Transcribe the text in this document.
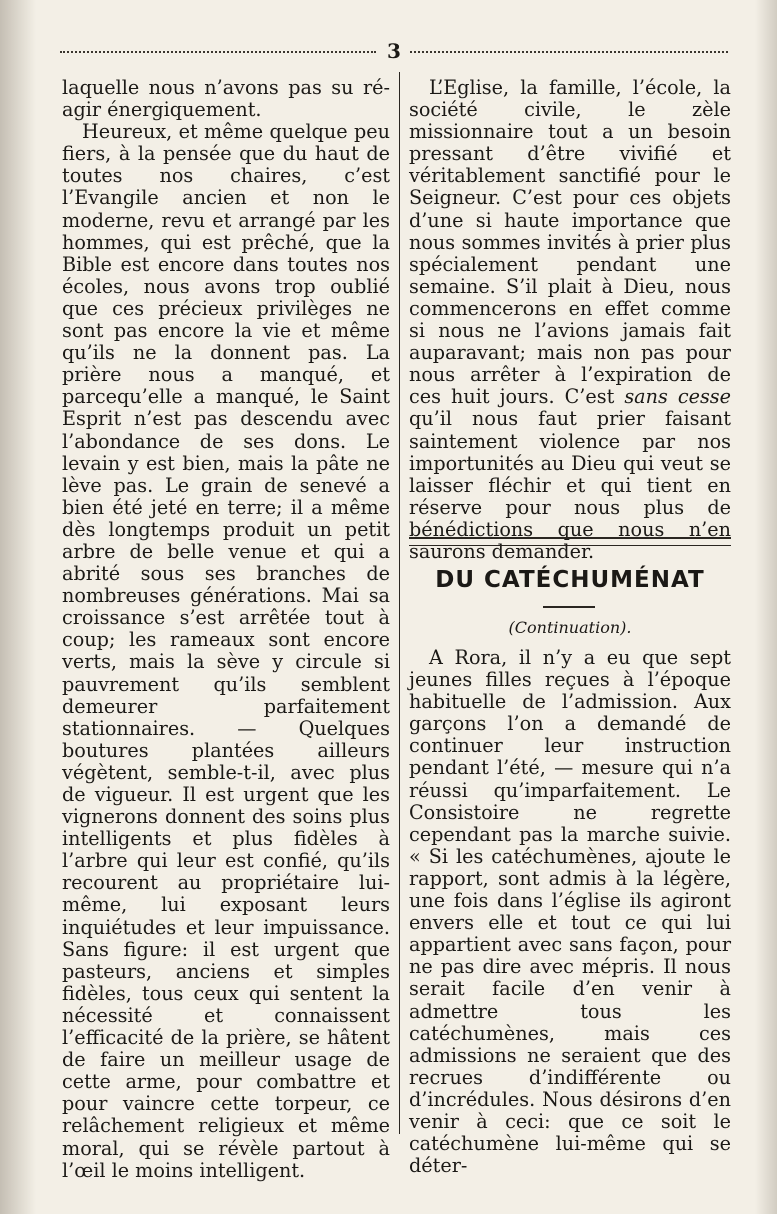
3

laquelle nous n’avons pas su ré-agir énergiquement.

Heureux, et même quelque peu fiers, à la pensée que du haut de toutes nos chaires, c’est l’Evangile ancien et non le moderne, revu et arrangé par les hommes, qui est prêché, que la Bible est encore dans toutes nos écoles, nous avons trop oublié que ces précieux privilèges ne sont pas encore la vie et même qu’ils ne la donnent pas. La prière nous a manqué, et parcequ’elle a manqué, le Saint Esprit n’est pas descendu avec l’abondance de ses dons. Le levain y est bien, mais la pâte ne lève pas. Le grain de senevé a bien été jeté en terre; il a même dès longtemps produit un petit arbre de belle venue et qui a abrité sous ses branches de nombreuses générations. Mai sa croissance s’est arrêtée tout à coup; les rameaux sont encore verts, mais la sève y circule si pauvrement qu’ils semblent demeurer parfaitement stationnaires. — Quelques boutures plantées ailleurs végètent, semble-t-il, avec plus de vigueur. Il est urgent que les vignerons donnent des soins plus intelligents et plus fidèles à l’arbre qui leur est confié, qu’ils recourent au propriétaire lui-même, lui exposant leurs inquiétudes et leur impuissance. Sans figure: il est urgent que pasteurs, anciens et simples fidèles, tous ceux qui sentent la nécessité et connaissent l’efficacité de la prière, se hâtent de faire un meilleur usage de cette arme, pour combattre et pour vaincre cette torpeur, ce relâchement religieux et même moral, qui se révèle partout à l’œil le moins intelligent.

L’Eglise, la famille, l’école, la société civile, le zèle missionnaire tout a un besoin pressant d’être vivifié et véritablement sanctifié pour le Seigneur. C’est pour ces objets d’une si haute importance que nous sommes invités à prier plus spécialement pendant une semaine. S’il plait à Dieu, nous commencerons en effet comme si nous ne l’avions jamais fait auparavant; mais non pas pour nous arrêter à l’expiration de ces huit jours. C’est sans cesse qu’il nous faut prier faisant saintement violence par nos importunités au Dieu qui veut se laisser fléchir et qui tient en réserve pour nous plus de bénédictions que nous n’en saurons demander.

DU CATÉCHUMÉNAT
(Continuation).

A Rora, il n’y a eu que sept jeunes filles reçues à l’époque habituelle de l’admission. Aux garçons l’on a demandé de continuer leur instruction pendant l’été, — mesure qui n’a réussi qu’imparfaitement. Le Consistoire ne regrette cependant pas la marche suivie. « Si les catéchumènes, ajoute le rapport, sont admis à la légère, une fois dans l’église ils agiront envers elle et tout ce qui lui appartient avec sans façon, pour ne pas dire avec mépris. Il nous serait facile d’en venir à admettre tous les catéchumènes, mais ces admissions ne seraient que des recrues d’indifférente ou d’incrédules. Nous désirons d’en venir à ceci: que ce soit le catéchumène lui-même qui se déter-
